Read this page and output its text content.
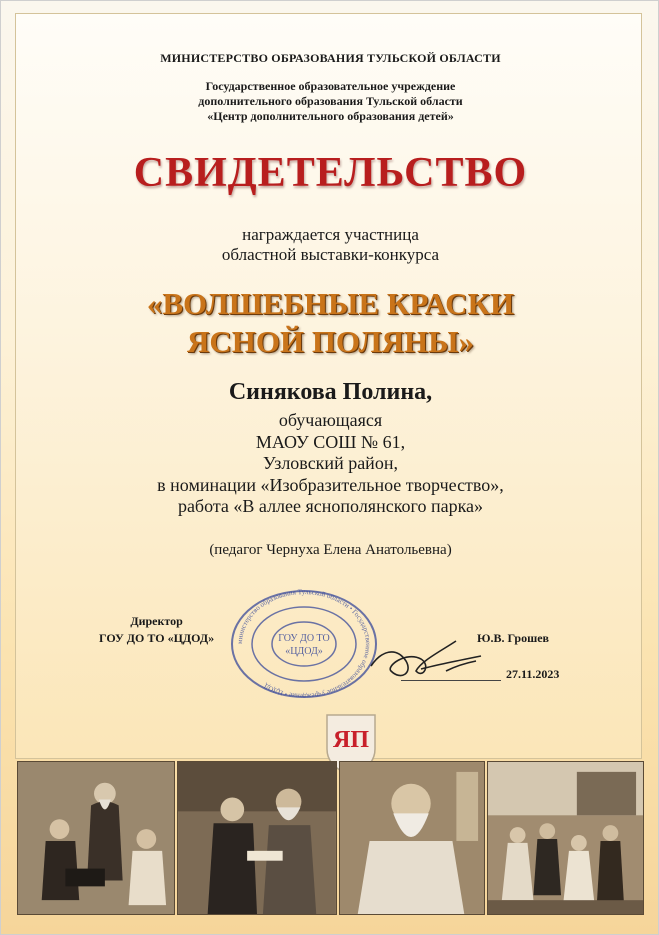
МИНИСТЕРСТВО ОБРАЗОВАНИЯ ТУЛЬСКОЙ ОБЛАСТИ
Государственное образовательное учреждение
дополнительного образования Тульской области
«Центр дополнительного образования детей»
СВИДЕТЕЛЬСТВО
награждается участница
областной выставки-конкурса
«ВОЛШЕБНЫЕ КРАСКИ
ЯСНОЙ ПОЛЯНЫ»
Синякова Полина,
обучающаяся
МАОУ СОШ № 61,
Узловский район,
в номинации «Изобразительное творчество»,
работа «В аллее яснополянского парка»
(педагог Чернуха Елена Анатольевна)
министерство образования Тульской области • Государственное образовательное учреждение • ЦДОД
ГОУ ДО ТО
«ЦДОД»
Директор
ГОУ ДО ТО «ЦДОД»	Ю.В. Грошев
27.11.2023
ЯП
